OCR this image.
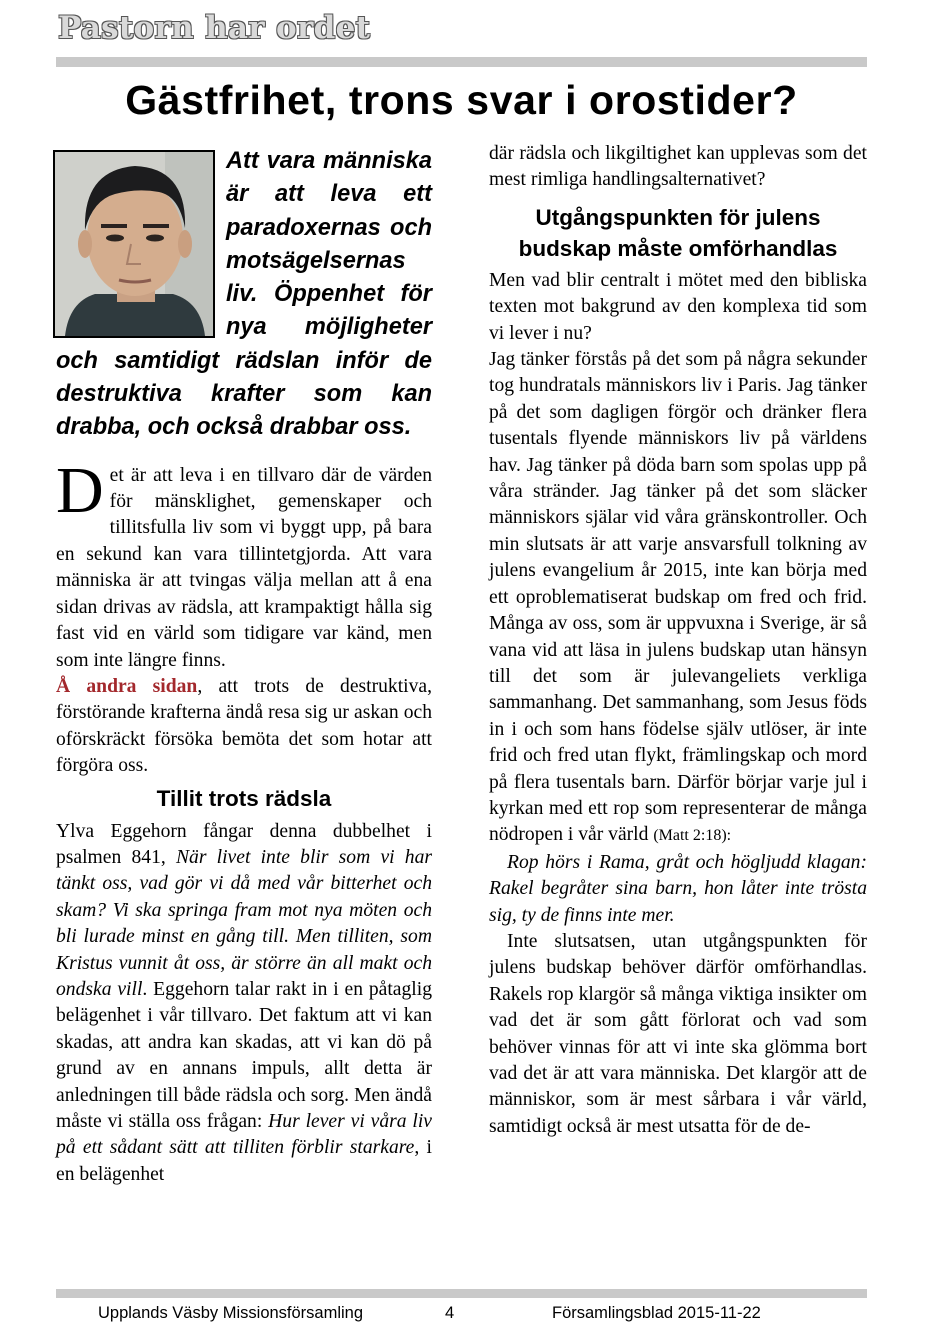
Pastorn har ordet
Gästfrihet, trons svar i orostider?

Att vara människa är att leva ett paradoxernas och motsägelsernas liv. Öppenhet för nya möjligheter och samtidigt rädslan inför de destruktiva krafter som kan drabba, och också drabbar oss.

Det är att leva i en tillvaro där de värden för mänsklighet, gemenskaper och tillitsfulla liv som vi byggt upp, på bara en sekund kan vara tillintetgjorda. Att vara människa är att tvingas välja mellan att å ena sidan drivas av rädsla, att krampaktigt hålla sig fast vid en värld som tidigare var känd, men som inte längre finns.

Å andra sidan, att trots de destruktiva, förstörande krafterna ändå resa sig ur askan och oförskräckt försöka bemöta det som hotar att förgöra oss.

Tillit trots rädsla

Ylva Eggehorn fångar denna dubbelhet i psalmen 841, När livet inte blir som vi har tänkt oss, vad gör vi då med vår bitterhet och skam? Vi ska springa fram mot nya möten och bli lurade minst en gång till. Men tilliten, som Kristus vunnit åt oss, är större än all makt och ondska vill. Eggehorn talar rakt in i en påtaglig belägenhet i vår tillvaro. Det faktum att vi kan skadas, att andra kan skadas, att vi kan dö på grund av en annans impuls, allt detta är anledningen till både rädsla och sorg. Men ändå måste vi ställa oss frågan: Hur lever vi våra liv på ett sådant sätt att tilliten förblir starkare, i en belägenhet

där rädsla och likgiltighet kan upplevas som det mest rimliga handlingsalternativet?

Utgångspunkten för julens budskap måste omförhandlas

Men vad blir centralt i mötet med den bibliska texten mot bakgrund av den komplexa tid som vi lever i nu?

Jag tänker förstås på det som på några sekunder tog hundratals människors liv i Paris. Jag tänker på det som dagligen förgör och dränker flera tusentals flyende människors liv på världens hav. Jag tänker på döda barn som spolas upp på våra stränder. Jag tänker på det som släcker människors själar vid våra gränskontroller. Och min slutsats är att varje ansvarsfull tolkning av julens evangelium år 2015, inte kan börja med ett oproblematiserat budskap om fred och frid. Många av oss, som är uppvuxna i Sverige, är så vana vid att läsa in julens budskap utan hänsyn till det som är julevangeliets verkliga sammanhang. Det sammanhang, som Jesus föds in i och som hans födelse själv utlöser, är inte frid och fred utan flykt, främlingskap och mord på flera tusentals barn. Därför börjar varje jul i kyrkan med ett rop som representerar de många nödropen i vår värld (Matt 2:18):

Rop hörs i Rama, gråt och högljudd klagan: Rakel begråter sina barn, hon låter inte trösta sig, ty de finns inte mer.

Inte slutsatsen, utan utgångspunkten för julens budskap behöver därför omförhandlas. Rakels rop klargör så många viktiga insikter om vad det är som gått förlorat och vad som behöver vinnas för att vi inte ska glömma bort vad det är att vara människa. Det klargör att de människor, som är mest sårbara i vår värld, samtidigt också är mest utsatta för de de-

Upplands Väsby Missionsförsamling	4	Församlingsblad 2015-11-22
